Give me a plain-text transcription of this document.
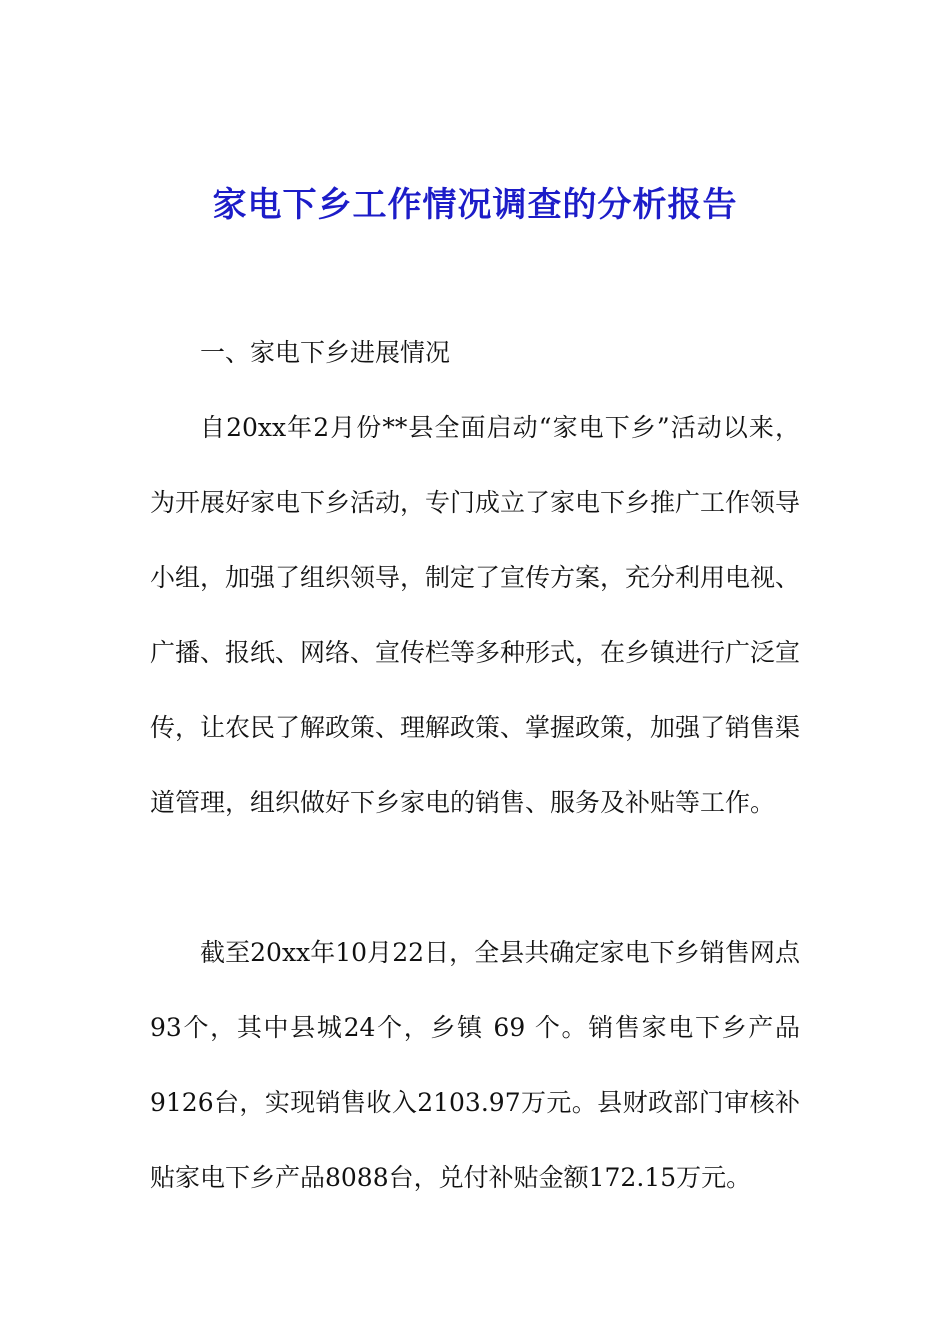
家电下乡工作情况调查的分析报告

一、家电下乡进展情况

自20xx年2月份**县全面启动“家电下乡”活动以来，为开展好家电下乡活动，专门成立了家电下乡推广工作领导小组，加强了组织领导，制定了宣传方案，充分利用电视、广播、报纸、网络、宣传栏等多种形式，在乡镇进行广泛宣传，让农民了解政策、理解政策、掌握政策，加强了销售渠道管理，组织做好下乡家电的销售、服务及补贴等工作。

截至20xx年10月22日，全县共确定家电下乡销售网点93个，其中县城24个，乡镇 69 个。销售家电下乡产品9126台，实现销售收入2103.97万元。县财政部门审核补贴家电下乡产品8088台，兑付补贴金额172.15万元。
